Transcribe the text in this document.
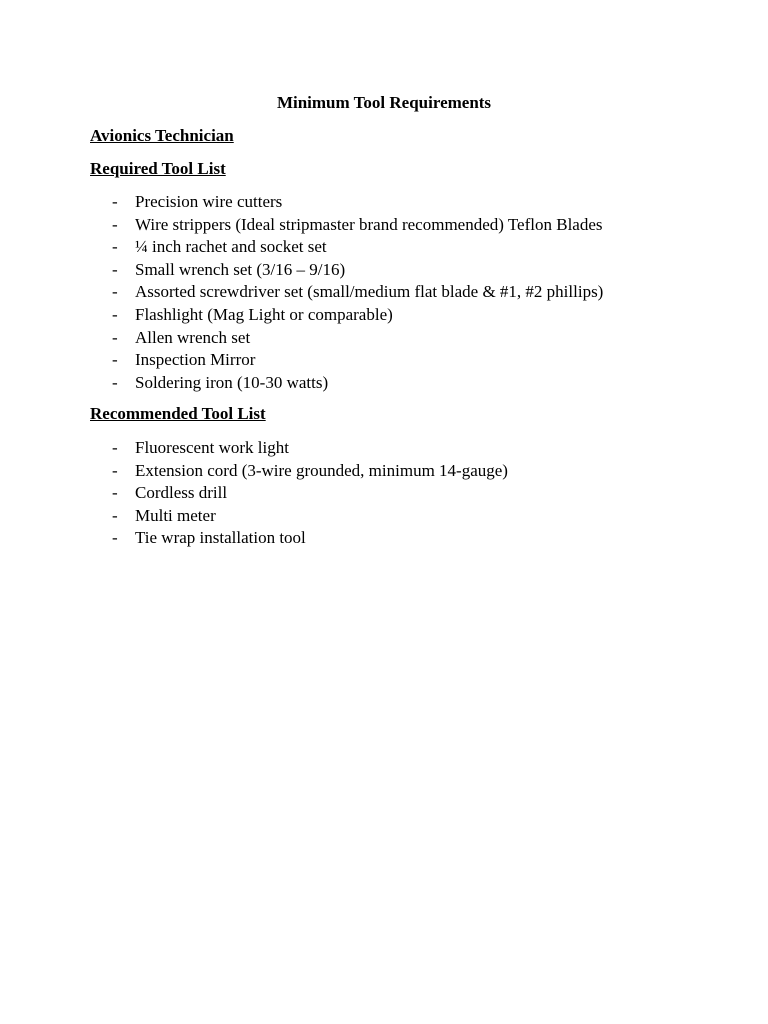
Minimum Tool Requirements
Avionics Technician
Required Tool List
- Precision wire cutters
- Wire strippers (Ideal stripmaster brand recommended) Teflon Blades
- ¼ inch rachet and socket set
- Small wrench set (3/16 – 9/16)
- Assorted screwdriver set (small/medium flat blade & #1, #2 phillips)
- Flashlight (Mag Light or comparable)
- Allen wrench set
- Inspection Mirror
- Soldering iron (10-30 watts)
Recommended Tool List
- Fluorescent work light
- Extension cord (3-wire grounded, minimum 14-gauge)
- Cordless drill
- Multi meter
- Tie wrap installation tool
